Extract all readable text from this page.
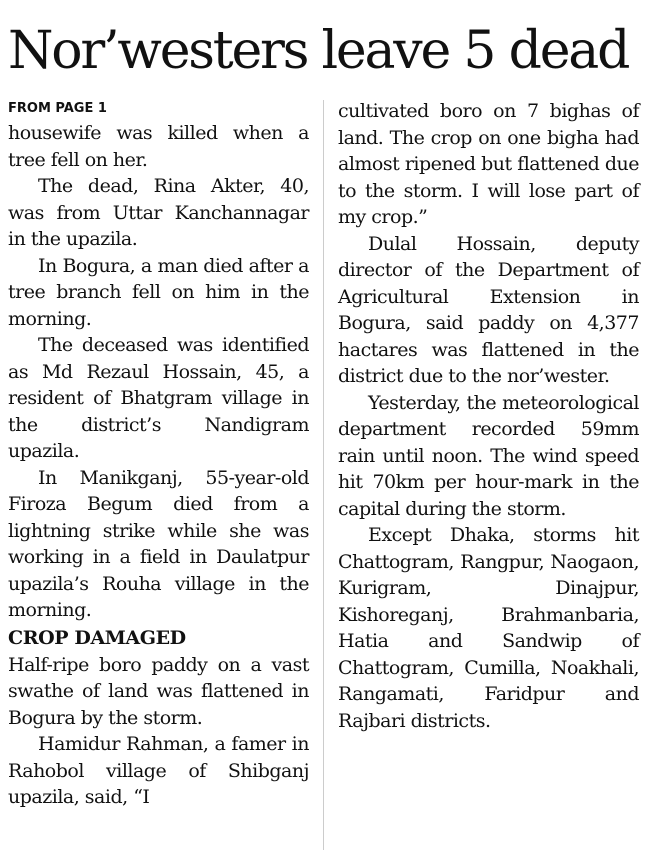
Nor’westers leave 5 dead
FROM PAGE 1

housewife was killed when a tree fell on her.

The dead, Rina Akter, 40, was from Uttar Kanchannagar in the upazila.

In Bogura, a man died after a tree branch fell on him in the morning.

The deceased was identified as Md Rezaul Hossain, 45, a resident of Bhatgram village in the district’s Nandigram upazila.

In Manikganj, 55-year-old Firoza Begum died from a lightning strike while she was working in a field in Daulatpur upazila’s Rouha village in the morning.

CROP DAMAGED

Half-ripe boro paddy on a vast swathe of land was flattened in Bogura by the storm.

Hamidur Rahman, a famer in Rahobol village of Shibganj upazila, said, “I

cultivated boro on 7 bighas of land. The crop on one bigha had almost ripened but flattened due to the storm. I will lose part of my crop.”

Dulal Hossain, deputy director of the Department of Agricultural Extension in Bogura, said paddy on 4,377 hactares was flattened in the district due to the nor’wester.

Yesterday, the meteorological department recorded 59mm rain until noon. The wind speed hit 70km per hour-mark in the capital during the storm.

Except Dhaka, storms hit Chattogram, Rangpur, Naogaon, Kurigram, Dinajpur, Kishoreganj, Brahmanbaria, Hatia and Sandwip of Chattogram, Cumilla, Noakhali, Rangamati, Faridpur and Rajbari districts.
